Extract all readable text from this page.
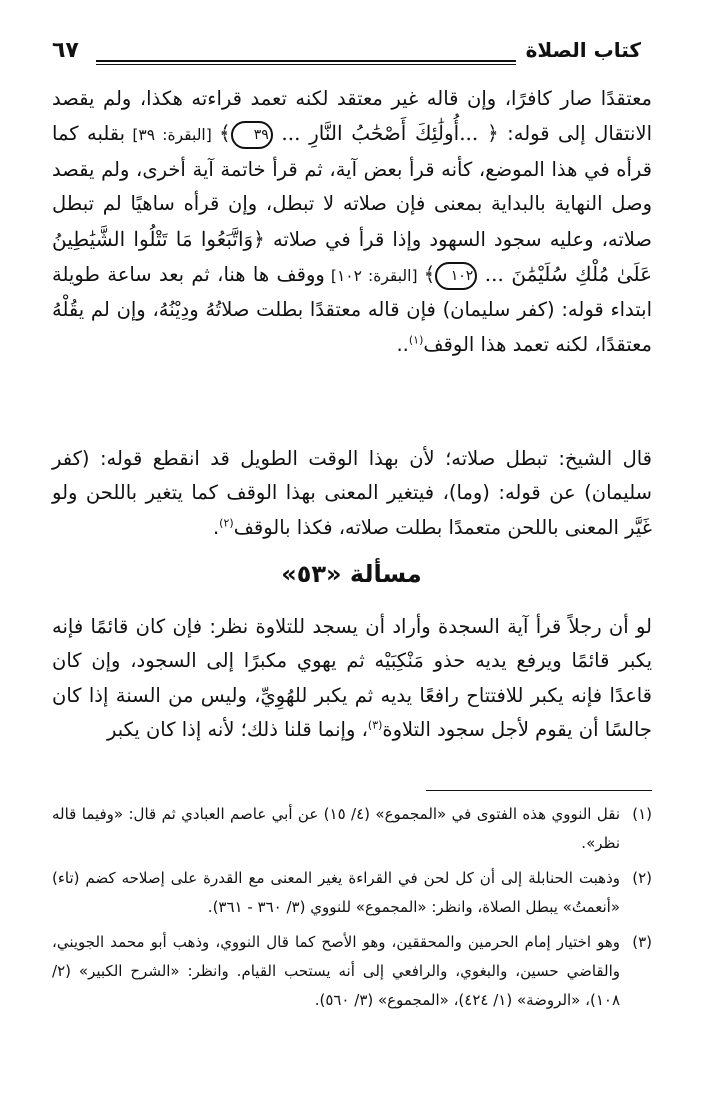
كتاب الصلاة
٦٧
معتقدًا صار كافرًا، وإن قاله غير معتقد لكنه تعمد قراءته هكذا، ولم يقصد الانتقال إلى قوله: ﴿ ...أُولَٰئِكَ أَصْحَٰبُ النَّارِ ... ٣٩﴾ [البقرة: ٣٩] بقلبه كما قرأه في هذا الموضع، كأنه قرأ بعض آية، ثم قرأ خاتمة آية أخرى، ولم يقصد وصل النهاية بالبداية بمعنى فإن صلاته لا تبطل، وإن قرأه ساهيًا لم تبطل صلاته، وعليه سجود السهود وإذا قرأ في صلاته ﴿وَاتَّبَعُوا مَا تَتْلُوا الشَّيَٰطِينُ عَلَىٰ مُلْكِ سُلَيْمَٰنَ ... ١٠٢﴾ [البقرة: ١٠٢] ووقف ها هنا، ثم بعد ساعة طويلة ابتداء قوله: (كفر سليمان) فإن قاله معتقدًا بطلت صلاتُهُ ودِيْنُهُ، وإن لم يقُلْهُ معتقدًا، لكنه تعمد هذا الوقف$^{(١)}$..
قال الشيخ: تبطل صلاته؛ لأن بهذا الوقت الطويل قد انقطع قوله: (كفر سليمان) عن قوله: (وما)، فيتغير المعنى بهذا الوقف كما يتغير باللحن ولو غَيَّر المعنى باللحن متعمدًا بطلت صلاته، فكذا بالوقف$^{(٢)}$.
مسألة «٥٣»
لو أن رجلاً قرأ آية السجدة وأراد أن يسجد للتلاوة نظر: فإن كان قائمًا فإنه يكبر قائمًا ويرفع يديه حذو مَنْكِبَيْه ثم يهوي مكبرًا إلى السجود، وإن كان قاعدًا فإنه يكبر للافتتاح رافعًا يديه ثم يكبر للهُوِيِّ، وليس من السنة إذا كان جالسًا أن يقوم لأجل سجود التلاوة$^{(٣)}$، وإنما قلنا ذلك؛ لأنه إذا كان يكبر
(١)
نقل النووي هذه الفتوى في «المجموع» (٤/ ١٥) عن أبي عاصم العبادي ثم قال: «وفيما قاله نظر».
(٢)
وذهبت الحنابلة إلى أن كل لحن في القراءة يغير المعنى مع القدرة على إصلاحه كضم (تاء) «أنعمتُ» يبطل الصلاة، وانظر: «المجموع» للنووي (٣/ ٣٦٠ - ٣٦١).
(٣)
وهو اختيار إمام الحرمين والمحققين، وهو الأصح كما قال النووي، وذهب أبو محمد الجويني، والقاضي حسين، والبغوي، والرافعي إلى أنه يستحب القيام. وانظر: «الشرح الكبير» (٢/ ١٠٨)، «الروضة» (١/ ٤٢٤)، «المجموع» (٣/ ٥٦٠).
